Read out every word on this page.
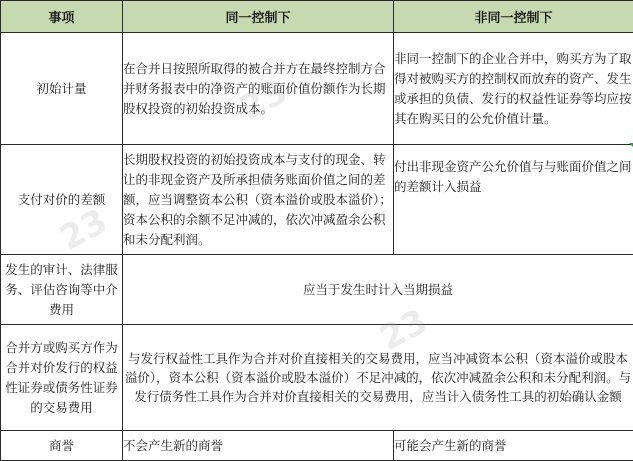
事项	同一控制下	非同一控制下
初始计量	在合并日按照所取得的被合并方在最终控制方合并财务报表中的净资产的账面价值份额作为长期股权投资的初始投资成本。	非同一控制下的企业合并中，购买方为了取得对被购买方的控制权而放弃的资产、发生或承担的负债、发行的权益性证券等均应按其在购买日的公允价值计量。
支付对价的差额	长期股权投资的初始投资成本与支付的现金、转让的非现金资产及所承担债务账面价值之间的差额，应当调整资本公积（资本溢价或股本溢价）；资本公积的余额不足冲减的，依次冲减盈余公积和未分配利润。	付出非现金资产公允价值与与账面价值之间的差额计入损益
发生的审计、法律服务、评估咨询等中介费用	应当于发生时计入当期损益	
合并方或购买方作为合并对价发行的权益性证券或债务性证券的交易费用	与发行权益性工具作为合并对价直接相关的交易费用，应当冲减资本公积（资本溢价或股本溢价），资本公积（资本溢价或股本溢价）不足冲减的，依次冲减盈余公积和未分配利润。与发行债务性工具作为合并对价直接相关的交易费用，应当计入债务性工具的初始确认金额	
商誉	不会产生新的商誉	可能会产生新的商誉
23
23
23
